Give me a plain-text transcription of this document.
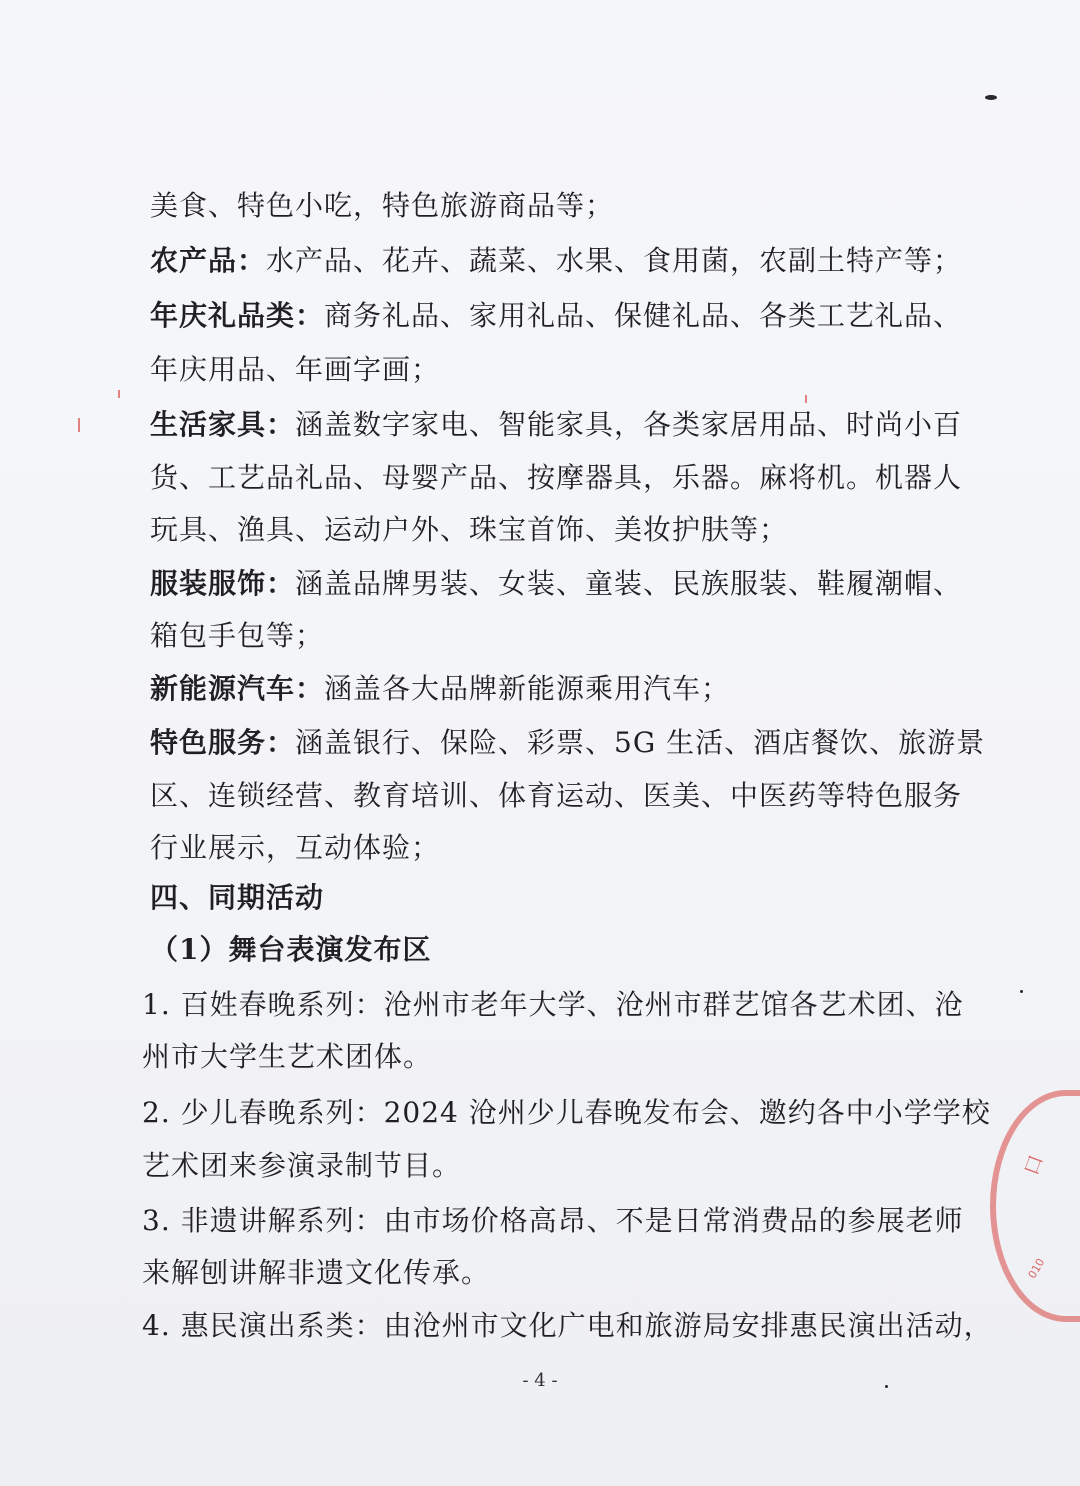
口
010
美食、特色小吃，特色旅游商品等；
农产品：水产品、花卉、蔬菜、水果、食用菌，农副土特产等；
年庆礼品类：商务礼品、家用礼品、保健礼品、各类工艺礼品、
年庆用品、年画字画；
生活家具：涵盖数字家电、智能家具，各类家居用品、时尚小百
货、工艺品礼品、母婴产品、按摩器具，乐器。麻将机。机器人
玩具、渔具、运动户外、珠宝首饰、美妆护肤等；
服装服饰：涵盖品牌男装、女装、童装、民族服装、鞋履潮帽、
箱包手包等；
新能源汽车：涵盖各大品牌新能源乘用汽车；
特色服务：涵盖银行、保险、彩票、5G 生活、酒店餐饮、旅游景
区、连锁经营、教育培训、体育运动、医美、中医药等特色服务
行业展示，互动体验；
四、同期活动
（1）舞台表演发布区
1. 百姓春晚系列：沧州市老年大学、沧州市群艺馆各艺术团、沧
州市大学生艺术团体。
2. 少儿春晚系列：2024 沧州少儿春晚发布会、邀约各中小学学校
艺术团来参演录制节目。
3. 非遗讲解系列：由市场价格高昂、不是日常消费品的参展老师
来解刨讲解非遗文化传承。
4. 惠民演出系类：由沧州市文化广电和旅游局安排惠民演出活动，
- 4 -
